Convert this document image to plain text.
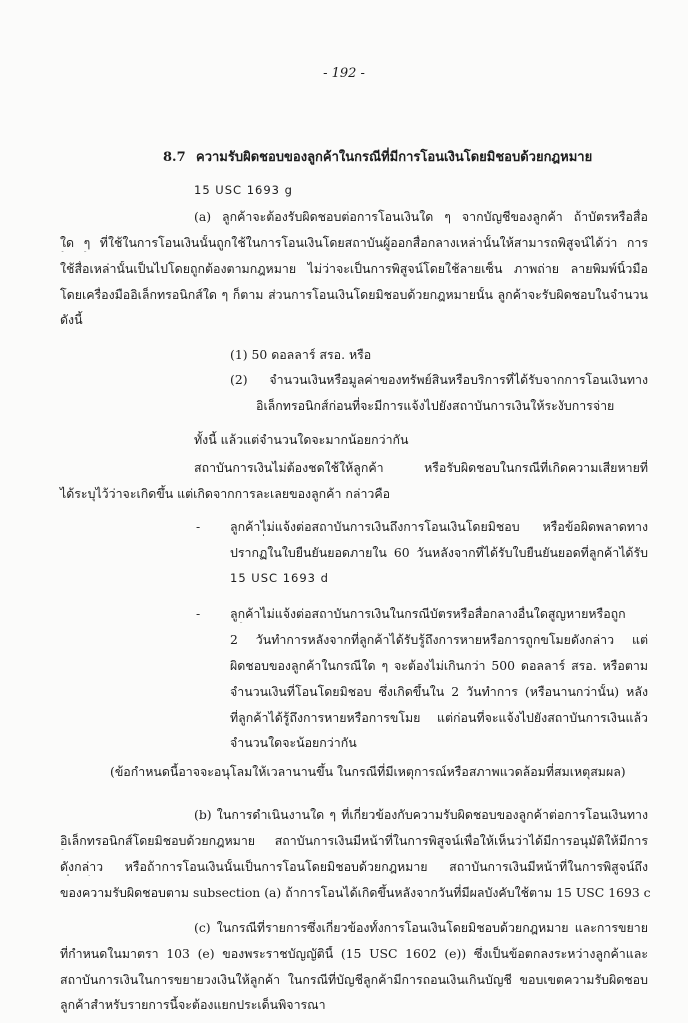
- 192 -
8.7 ความรับผิดชอบของลูกค้าในกรณีที่มีการโอนเงินโดยมิชอบด้วยกฎหมาย
15 USC 1693 g
(a) ลูกค้าจะต้องรับผิดชอบต่อการโอนเงินใด ๆ จากบัญชีของลูกค้า ถ้าบัตรหรือสื่อ
ใด ๆ ที่ใช้ในการโอนเงินนั้นถูกใช้ในการโอนเงินโดยสถาบันผู้ออกสื่อกลางเหล่านั้นให้สามารถพิสูจน์ได้ว่า การ
ใช้สื่อเหล่านั้นเป็นไปโดยถูกต้องตามกฎหมาย ไม่ว่าจะเป็นการพิสูจน์โดยใช้ลายเซ็น ภาพถ่าย ลายพิมพ์นิ้วมือ
โดยเครื่องมืออิเล็กทรอนิกส์ใด ๆ ก็ตาม ส่วนการโอนเงินโดยมิชอบด้วยกฎหมายนั้น ลูกค้าจะรับผิดชอบในจำนวน
ดังนี้
(1) 50 ดอลลาร์ สรอ. หรือ
(2) จำนวนเงินหรือมูลค่าของทรัพย์สินหรือบริการที่ได้รับจากการโอนเงินทาง
อิเล็กทรอนิกส์ก่อนที่จะมีการแจ้งไปยังสถาบันการเงินให้ระงับการจ่าย
ทั้งนี้ แล้วแต่จำนวนใดจะมากน้อยกว่ากัน
สถาบันการเงินไม่ต้องชดใช้ให้ลูกค้า หรือรับผิดชอบในกรณีที่เกิดความเสียหายที่
ได้ระบุไว้ว่าจะเกิดขึ้น แต่เกิดจากการละเลยของลูกค้า กล่าวคือ
- ลูกค้าไม่แจ้งต่อสถาบันการเงินถึงการโอนเงินโดยมิชอบ หรือข้อผิดพลาดทาง
ปรากฏในใบยืนยันยอดภายใน 60 วันหลังจากที่ได้รับใบยืนยันยอดที่ลูกค้าได้รับ
15 USC 1693 d
- ลูกค้าไม่แจ้งต่อสถาบันการเงินในกรณีบัตรหรือสื่อกลางอื่นใดสูญหายหรือถูก
2 วันทำการหลังจากที่ลูกค้าได้รับรู้ถึงการหายหรือการถูกขโมยดังกล่าว แต่
ผิดชอบของลูกค้าในกรณีใด ๆ จะต้องไม่เกินกว่า 500 ดอลลาร์ สรอ. หรือตาม
จำนวนเงินที่โอนโดยมิชอบ ซึ่งเกิดขึ้นใน 2 วันทำการ (หรือนานกว่านั้น) หลัง
ที่ลูกค้าได้รู้ถึงการหายหรือการขโมย แต่ก่อนที่จะแจ้งไปยังสถาบันการเงินแล้ว
จำนวนใดจะน้อยกว่ากัน
(ข้อกำหนดนี้อาจจะอนุโลมให้เวลานานขึ้น ในกรณีที่มีเหตุการณ์หรือสภาพแวดล้อมที่สมเหตุสมผล)
(b) ในการดำเนินงานใด ๆ ที่เกี่ยวข้องกับความรับผิดชอบของลูกค้าต่อการโอนเงินทาง
อิเล็กทรอนิกส์โดยมิชอบด้วยกฎหมาย สถาบันการเงินมีหน้าที่ในการพิสูจน์เพื่อให้เห็นว่าได้มีการอนุมัติให้มีการ
ดังกล่าว หรือถ้าการโอนเงินนั้นเป็นการโอนโดยมิชอบด้วยกฎหมาย สถาบันการเงินมีหน้าที่ในการพิสูจน์ถึง
ของความรับผิดชอบตาม subsection (a) ถ้าการโอนได้เกิดขึ้นหลังจากวันที่มีผลบังคับใช้ตาม 15 USC 1693 c
(c) ในกรณีที่รายการซึ่งเกี่ยวข้องทั้งการโอนเงินโดยมิชอบด้วยกฎหมาย และการขยาย
ที่กำหนดในมาตรา 103 (e) ของพระราชบัญญัตินี้ (15 USC 1602 (e)) ซึ่งเป็นข้อตกลงระหว่างลูกค้าและ
สถาบันการเงินในการขยายวงเงินให้ลูกค้า ในกรณีที่บัญชีลูกค้ามีการถอนเงินเกินบัญชี ขอบเขตความรับผิดชอบ
ลูกค้าสำหรับรายการนี้จะต้องแยกประเด็นพิจารณา
